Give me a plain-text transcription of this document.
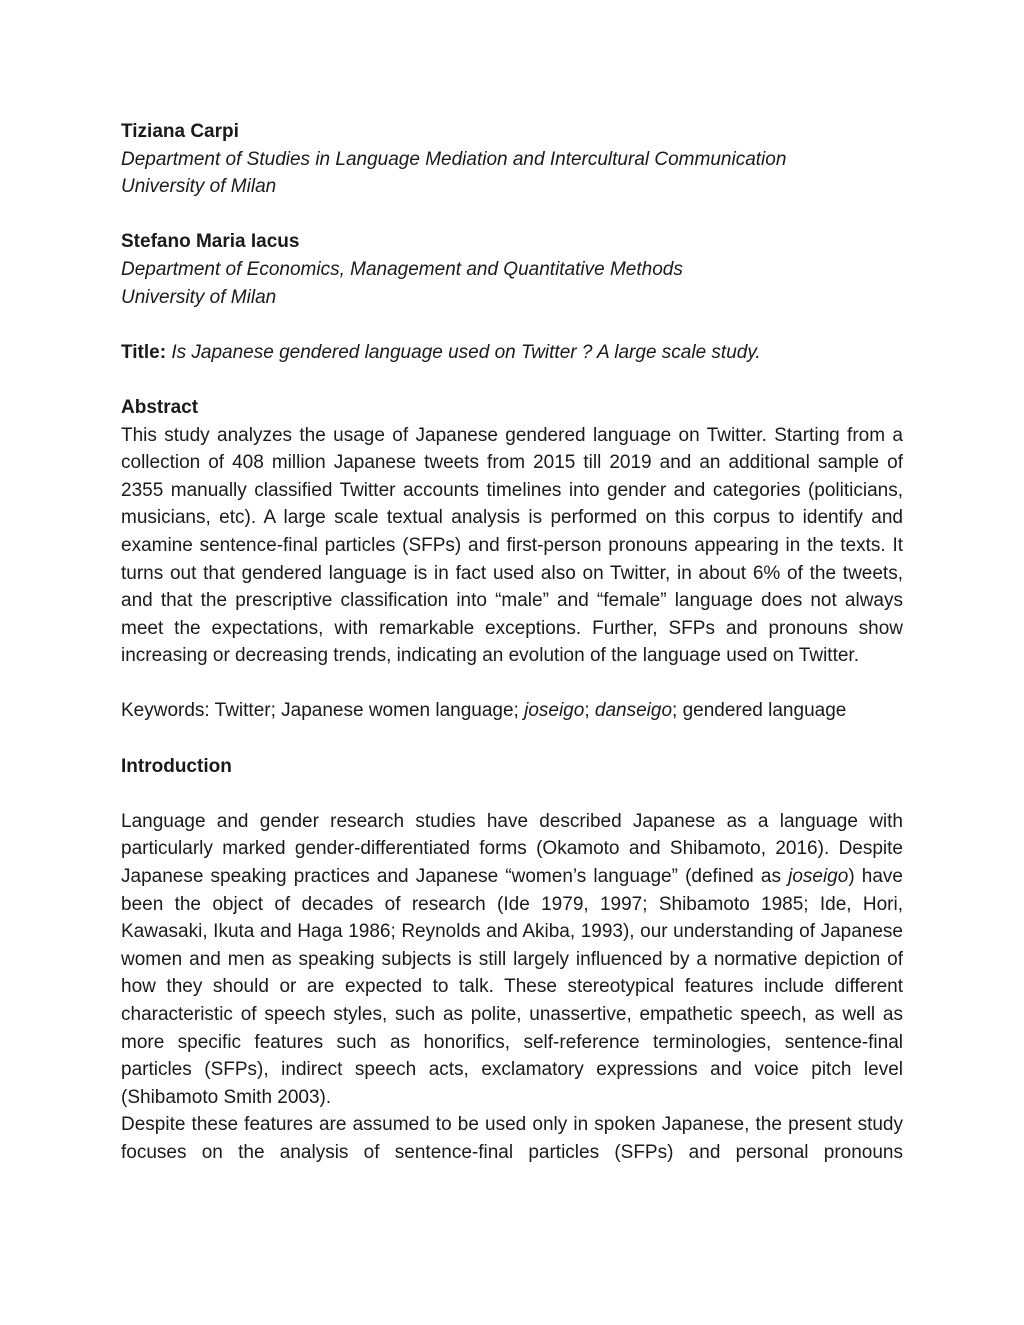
Tiziana Carpi
Department of Studies in Language Mediation and Intercultural Communication
University of Milan
Stefano Maria Iacus
Department of Economics, Management and Quantitative Methods
University of Milan
Title: Is Japanese gendered language used on Twitter ? A large scale study.
Abstract

This study analyzes the usage of Japanese gendered language on Twitter. Starting from a collection of 408 million Japanese tweets from 2015 till 2019 and an additional sample of 2355 manually classified Twitter accounts timelines into gender and categories (politicians, musicians, etc). A large scale textual analysis is performed on this corpus to identify and examine sentence-final particles (SFPs) and first-person pronouns appearing in the texts. It turns out that gendered language is in fact used also on Twitter, in about 6% of the tweets, and that the prescriptive classification into “male” and “female” language does not always meet the expectations, with remarkable exceptions. Further, SFPs and pronouns show increasing or decreasing trends, indicating an evolution of the language used on Twitter.

Keywords: Twitter; Japanese women language; joseigo; danseigo; gendered language
Introduction

Language and gender research studies have described Japanese as a language with particularly marked gender-differentiated forms (Okamoto and Shibamoto, 2016). Despite Japanese speaking practices and Japanese “women’s language” (defined as joseigo) have been the object of decades of research (Ide 1979, 1997; Shibamoto 1985; Ide, Hori, Kawasaki, Ikuta and Haga 1986; Reynolds and Akiba, 1993), our understanding of Japanese women and men as speaking subjects is still largely influenced by a normative depiction of how they should or are expected to talk. These stereotypical features include different characteristic of speech styles, such as polite, unassertive, empathetic speech, as well as more specific features such as honorifics, self-reference terminologies, sentence-final particles (SFPs), indirect speech acts, exclamatory expressions and voice pitch level (Shibamoto Smith 2003).

Despite these features are assumed to be used only in spoken Japanese, the present study focuses on the analysis of sentence-final particles (SFPs) and personal pronouns
